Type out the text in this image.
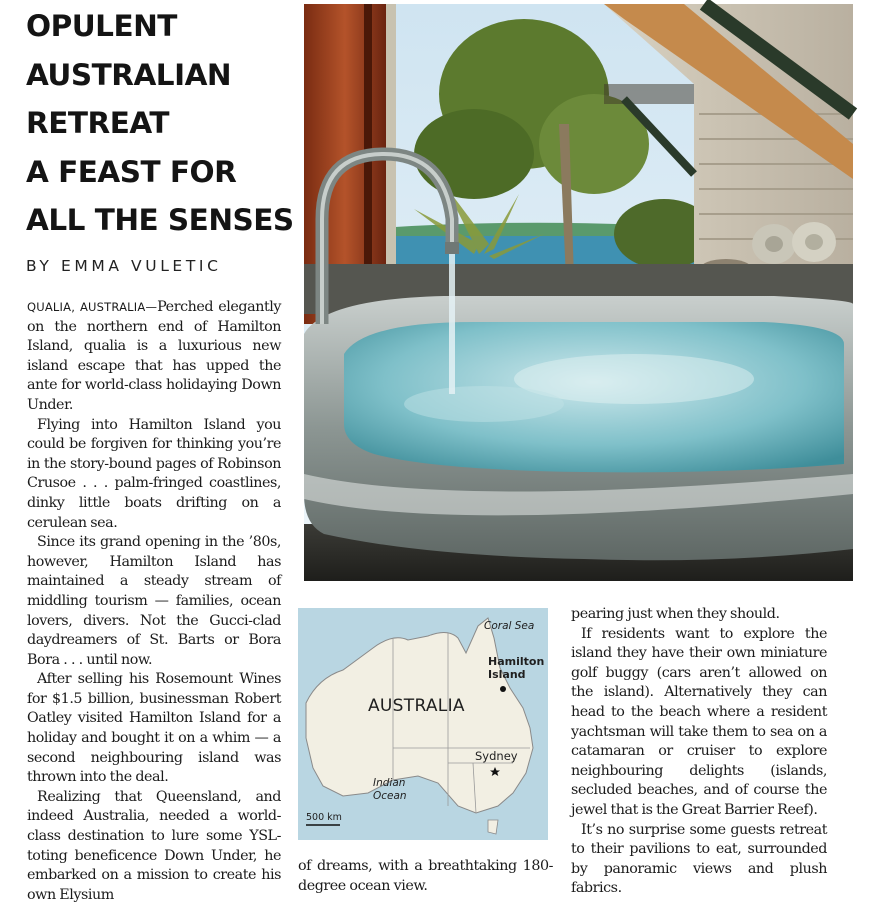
OPULENT
AUSTRALIAN
RETREAT
A FEAST FOR
ALL THE SENSES
BY EMMA VULETIC

QUALIA, AUSTRALIA—Perched elegantly on the northern end of Hamilton Island, qualia is a luxurious new island escape that has upped the ante for world-class holidaying Down Under.

Flying into Hamilton Island you could be forgiven for thinking you’re in the story-bound pages of Robinson Crusoe . . . palm-fringed coastlines, dinky little boats drifting on a cerulean sea.

Since its grand opening in the ’80s, however, Hamilton Island has maintained a steady stream of middling tourism — families, ocean lovers, divers. Not the Gucci-clad daydreamers of St. Barts or Bora Bora . . . until now.

After selling his Rosemount Wines for $1.5 billion, businessman Robert Oatley visited Hamilton Island for a holiday and bought it on a whim — a second neighbouring island was thrown into the deal.

Realizing that Queensland, and indeed Australia, needed a world-class destination to lure some YSL-toting beneficence Down Under, he embarked on a mission to create his own Elysium

Coral Sea
Hamilton Island
AUSTRALIA
Sydney
Indian Ocean
500 km

of dreams, with a breathtaking 180-degree ocean view.

pearing just when they should.

If residents want to explore the island they have their own miniature golf buggy (cars aren’t allowed on the island). Alternatively they can head to the beach where a resident yachtsman will take them to sea on a catamaran or cruiser to explore neighbouring delights (islands, secluded beaches, and of course the jewel that is the Great Barrier Reef).

It’s no surprise some guests retreat to their pavilions to eat, surrounded by panoramic views and plush fabrics.
